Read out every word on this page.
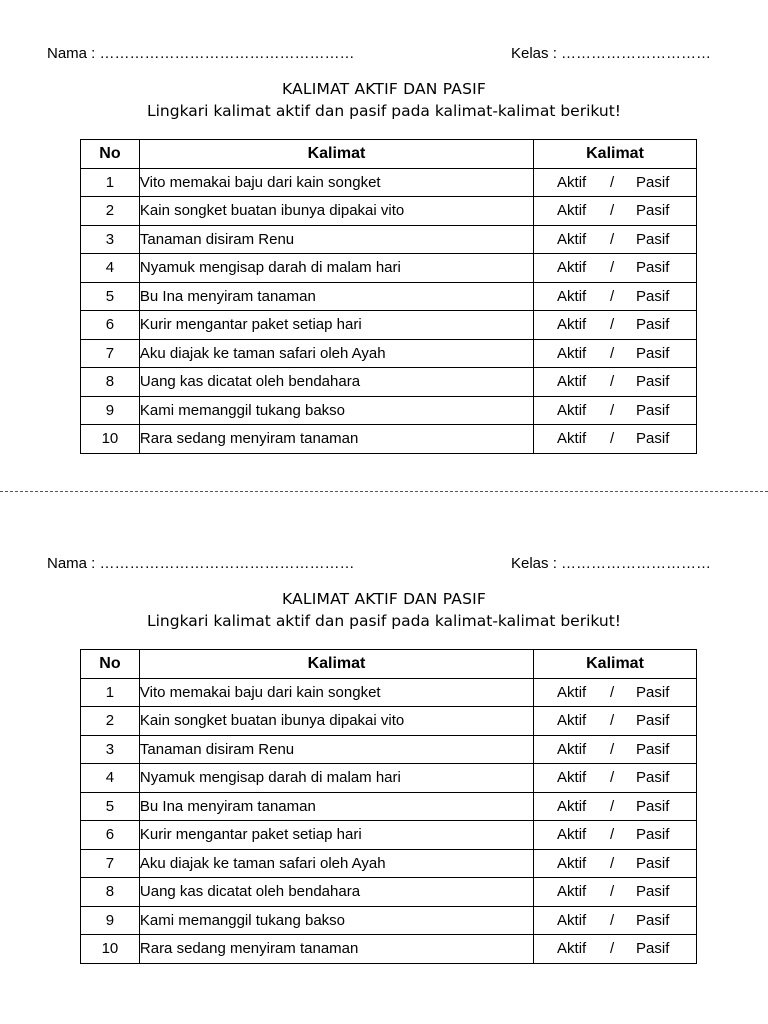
Nama : ……………………………………………	Kelas : …………………………
KALIMAT AKTIF DAN PASIF
Lingkari kalimat aktif dan pasif pada kalimat-kalimat berikut!
No	Kalimat	Kalimat
1	Vito memakai baju dari kain songket	Aktif / Pasif
2	Kain songket buatan ibunya dipakai vito	Aktif / Pasif
3	Tanaman disiram Renu	Aktif / Pasif
4	Nyamuk mengisap darah di malam hari	Aktif / Pasif
5	Bu Ina menyiram tanaman	Aktif / Pasif
6	Kurir mengantar paket setiap hari	Aktif / Pasif
7	Aku diajak ke taman safari oleh Ayah	Aktif / Pasif
8	Uang kas dicatat oleh bendahara	Aktif / Pasif
9	Kami memanggil tukang bakso	Aktif / Pasif
10	Rara sedang menyiram tanaman	Aktif / Pasif
Nama : ……………………………………………	Kelas : …………………………
KALIMAT AKTIF DAN PASIF
Lingkari kalimat aktif dan pasif pada kalimat-kalimat berikut!
No	Kalimat	Kalimat
1	Vito memakai baju dari kain songket	Aktif / Pasif
2	Kain songket buatan ibunya dipakai vito	Aktif / Pasif
3	Tanaman disiram Renu	Aktif / Pasif
4	Nyamuk mengisap darah di malam hari	Aktif / Pasif
5	Bu Ina menyiram tanaman	Aktif / Pasif
6	Kurir mengantar paket setiap hari	Aktif / Pasif
7	Aku diajak ke taman safari oleh Ayah	Aktif / Pasif
8	Uang kas dicatat oleh bendahara	Aktif / Pasif
9	Kami memanggil tukang bakso	Aktif / Pasif
10	Rara sedang menyiram tanaman	Aktif / Pasif
